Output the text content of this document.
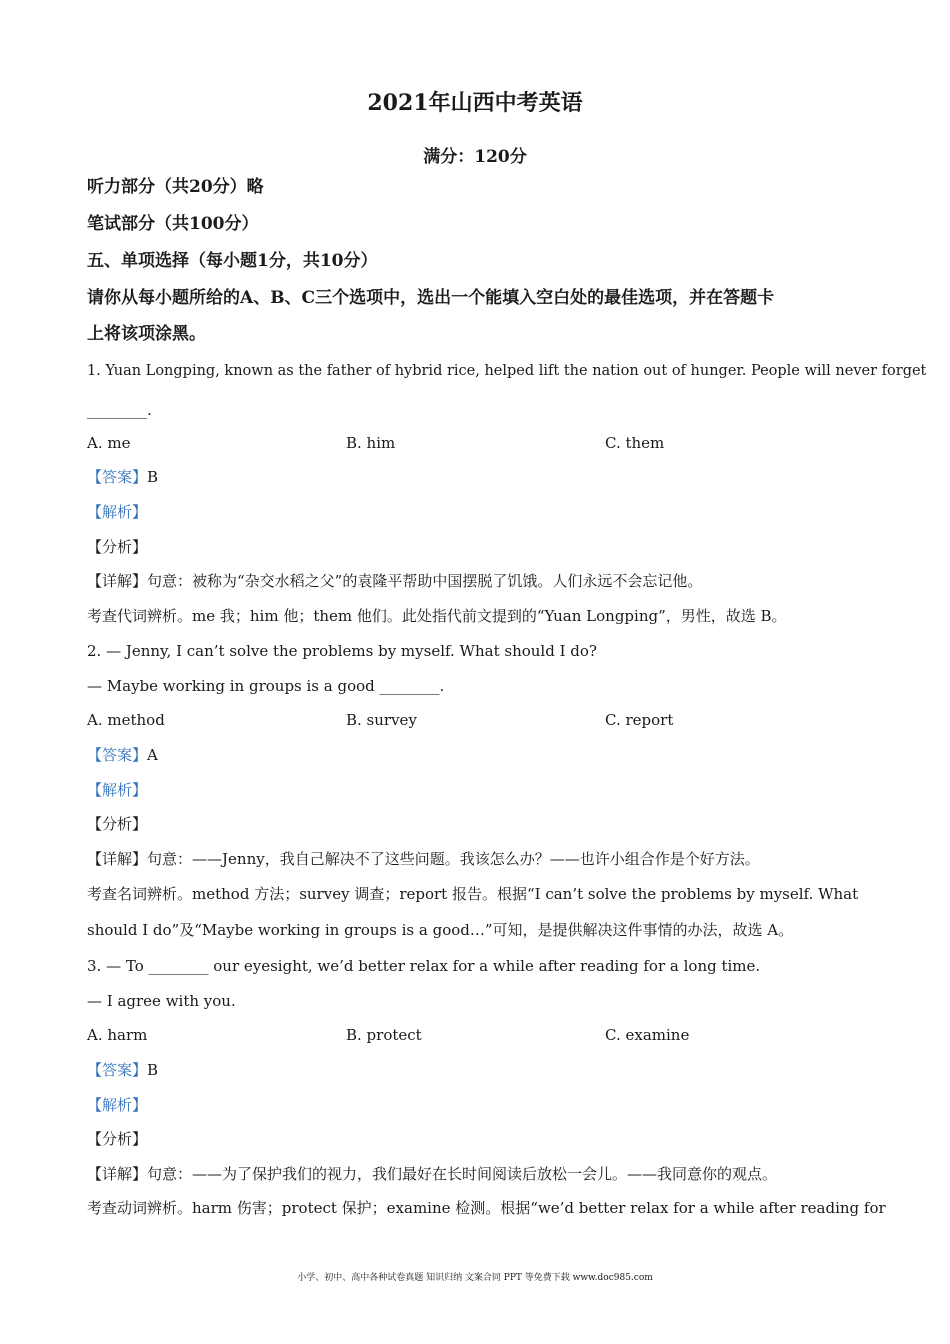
2021年山西中考英语
满分：120分
听力部分（共20分）略
笔试部分（共100分）
五、单项选择（每小题1分，共10分）
请你从每小题所给的A、B、C三个选项中，选出一个能填入空白处的最佳选项，并在答题卡
上将该项涂黑。
1. Yuan Longping, known as the father of hybrid rice, helped lift the nation out of hunger. People will never forget
________.
A. me	B. him	C. them
【答案】B
【解析】
【分析】
【详解】句意：被称为“杂交水稻之父”的袁隆平帮助中国摆脱了饥饿。人们永远不会忘记他。
考查代词辨析。me 我；him 他；them 他们。此处指代前文提到的“Yuan Longping”，男性，故选 B。
2. — Jenny, I can’t solve the problems by myself. What should I do?
— Maybe working in groups is a good ________.
A. method	B. survey	C. report
【答案】A
【解析】
【分析】
【详解】句意：——Jenny，我自己解决不了这些问题。我该怎么办？——也许小组合作是个好方法。
考查名词辨析。method 方法；survey 调查；report 报告。根据“I can’t solve the problems by myself. What
should I do”及“Maybe working in groups is a good…”可知，是提供解决这件事情的办法，故选 A。
3. — To ________ our eyesight, we’d better relax for a while after reading for a long time.
— I agree with you.
A. harm	B. protect	C. examine
【答案】B
【解析】
【分析】
【详解】句意：——为了保护我们的视力，我们最好在长时间阅读后放松一会儿。——我同意你的观点。
考查动词辨析。harm 伤害；protect 保护；examine 检测。根据“we’d better relax for a while after reading for
小学、初中、高中各种试卷真题 知识归纳 文案合同 PPT 等免费下载 www.doc985.com
